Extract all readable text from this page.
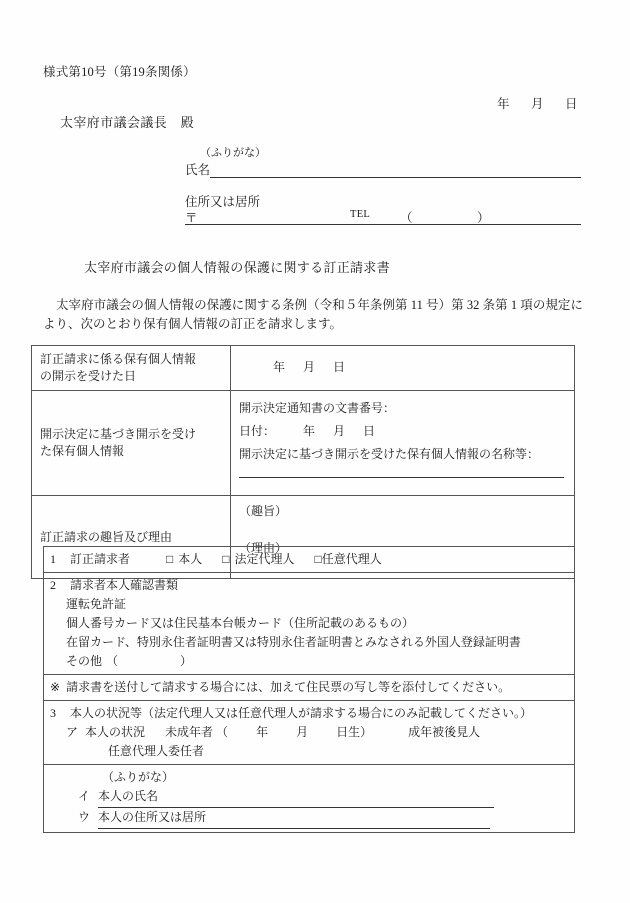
様式第10号（第19条関係）
年 月 日
太宰府市議会議長　殿
（ふりがな）
氏名
住所又は居所
〒	TEL （	）
太宰府市議会の個人情報の保護に関する訂正請求書
太宰府市議会の個人情報の保護に関する条例（令和５年条例第 11 号）第 32 条第 1 項の規定により、次のとおり保有個人情報の訂正を請求します。
訂正請求に係る保有個人情報
の開示を受けた日	年 月 日

開示決定に基づき開示を受け
た保有個人情報

開示決定通知書の文書番号：
日付： 年 月 日
開示決定に基づき開示を受けた保有個人情報の名称等：

訂正請求の趣旨及び理由	（趣旨）
（理由）
1 訂正請求者	□ 本人 □ 法定代理人 □任意代理人

2 請求者本人確認書類
運転免許証
個人番号カード又は住民基本台帳カード（住所記載のあるもの）
在留カード、特別永住者証明書又は特別永住者証明書とみなされる外国人登録証明書
その他 （	）

※ 請求書を送付して請求する場合には、加えて住民票の写し等を添付してください。

3 本人の状況等（法定代理人又は任意代理人が請求する場合にのみ記載してください。）
ア 本人の状況 未成年者 （ 年 月 日生）	成年被後見人
任意代理人委任者

（ふりがな）
イ 本人の氏名
ウ 本人の住所又は居所
